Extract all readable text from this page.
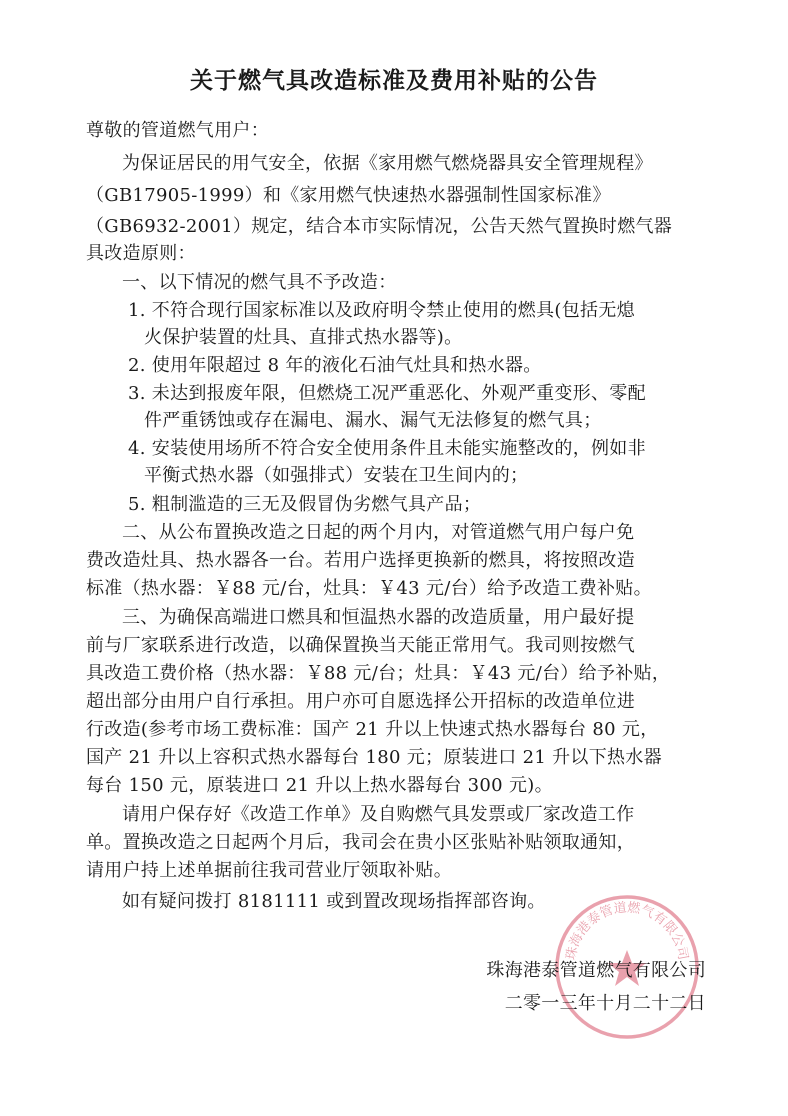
关于燃气具改造标准及费用补贴的公告
尊敬的管道燃气用户：
为保证居民的用气安全，依据《家用燃气燃烧器具安全管理规程》
（GB17905-1999）和《家用燃气快速热水器强制性国家标准》
（GB6932-2001）规定，结合本市实际情况，公告天然气置换时燃气器
具改造原则：
一、以下情况的燃气具不予改造：
1. 不符合现行国家标准以及政府明令禁止使用的燃具(包括无熄
火保护装置的灶具、直排式热水器等)。
2. 使用年限超过 8 年的液化石油气灶具和热水器。
3. 未达到报废年限，但燃烧工况严重恶化、外观严重变形、零配
件严重锈蚀或存在漏电、漏水、漏气无法修复的燃气具；
4. 安装使用场所不符合安全使用条件且未能实施整改的，例如非
平衡式热水器（如强排式）安装在卫生间内的；
5. 粗制滥造的三无及假冒伪劣燃气具产品；
二、从公布置换改造之日起的两个月内，对管道燃气用户每户免
费改造灶具、热水器各一台。若用户选择更换新的燃具，将按照改造
标准（热水器：￥88 元/台，灶具：￥43 元/台）给予改造工费补贴。
三、为确保高端进口燃具和恒温热水器的改造质量，用户最好提
前与厂家联系进行改造，以确保置换当天能正常用气。我司则按燃气
具改造工费价格（热水器：￥88 元/台；灶具：￥43 元/台）给予补贴，
超出部分由用户自行承担。用户亦可自愿选择公开招标的改造单位进
行改造(参考市场工费标准：国产 21 升以上快速式热水器每台 80 元，
国产 21 升以上容积式热水器每台 180 元；原装进口 21 升以下热水器
每台 150 元，原装进口 21 升以上热水器每台 300 元)。
请用户保存好《改造工作单》及自购燃气具发票或厂家改造工作
单。置换改造之日起两个月后，我司会在贵小区张贴补贴领取通知，
请用户持上述单据前往我司营业厅领取补贴。
如有疑问拨打 8181111 或到置改现场指挥部咨询。
珠海港泰管道燃气有限公司
珠海港泰管道燃气有限公司
二零一三年十月二十二日
